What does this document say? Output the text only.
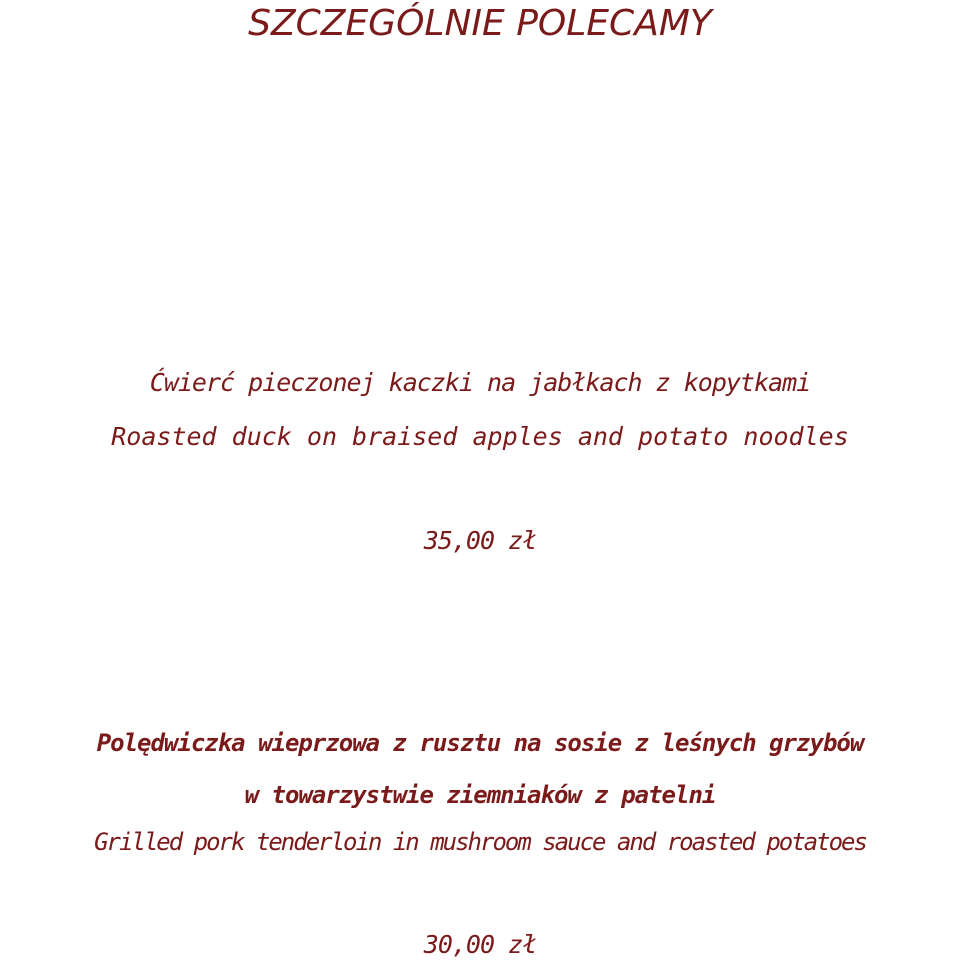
SZCZEGÓLNIE POLECAMY
Ćwierć pieczonej kaczki na jabłkach z kopytkami
Roasted duck on braised apples and potato noodles
35,00 zł
Polędwiczka wieprzowa z rusztu na sosie z leśnych grzybów
w towarzystwie ziemniaków z patelni
Grilled pork tenderloin in mushroom sauce and roasted potatoes
30,00 zł
